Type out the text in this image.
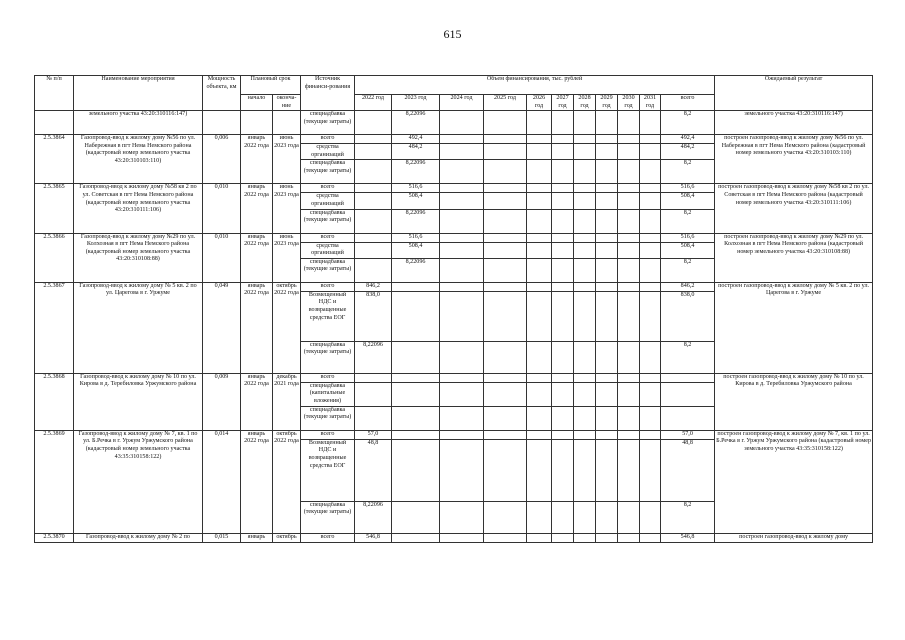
615
№ п/п	Наименование мероприятия	Мощность объекта, км	Плановый срок		Источник финанси-рования	Объем финансирования, тыс. рублей											Ожидаемый результат
			начало	оконча-ние		2022 год	2023 год	2024 год	2025 год	2026 год	2027 год	2028 год	2029 год	2030 год	2031 год	всего	

	земельного участка 43:20:310116:147)				спецнадбавка (текущие затраты)		8,22096									8,2	земельного участка 43:20:310116:147)
2.5.3864	Газопровод-ввод к жилому дому №56 по ул. Набережная в пгт Нема Немского района (кадастровый номер земельного участка 43:20:310103:110)	0,006	январь 2022 года	июнь 2023 года	всего		492,4									492,4	построен газопровод-ввод к жилому дому №56 по ул. Набережная в пгт Нема Немского района (кадастровый номер земельного участка 43:20:310103:110)
					средства организаций		484,2									484,2	
					спецнадбавка (текущие затраты)		8,22096									8,2	
2.5.3865	Газопровод-ввод к жилому дому №58 кв 2 по ул. Советская в пгт Нема Немского района (кадастровый номер земельного участка 43:20:310111:106)	0,010	январь 2022 года	июнь 2023 года	всего		516,6									516,6	построен газопровод-ввод к жилому дому №58 кв 2 по ул. Советская в пгт Нема Немского района (кадастровый номер земельного участка 43:20:310111:106)
					средства организаций		508,4									508,4	
					спецнадбавка (текущие затраты)		8,22096									8,2	
2.5.3866	Газопровод-ввод к жилому дому №29 по ул. Колхозная в пгт Нема Немского района (кадастровый номер земельного участка 43:20:310108:88)	0,010	январь 2022 года	июнь 2023 года	всего		516,6									516,6	построен газопровод-ввод к жилому дому №29 по ул. Колхозная в пгт Нема Немского района (кадастровый номер земельного участка 43:20:310108:88)
					средства организаций		508,4									508,4	
					спецнадбавка (текущие затраты)		8,22096									8,2	
2.5.3867	Газопровод-ввод к жилому дому № 5 кв. 2 по ул. Царегова в г. Уржуме	0,049	январь 2022 года	октябрь 2022 года	всего	846,2										846,2	построен газопровод-ввод к жилому дому № 5 кв. 2 по ул. Царегова в г. Уржуме
					Возмещенный НДС и возвращенные средства ЕОГ	838,0										838,0	
					спецнадбавка (текущие затраты)	8,22096										8,2	
2.5.3868	Газопровод-ввод к жилому дому № 10 по ул. Кирова в д. Теребиловка Уржумского района	0,009	январь 2022 года	декабрь 2021 года	всего												построен газопровод-ввод к жилому дому № 10 по ул. Кирова в д. Теребиловка Уржумского района
					спецнадбавка (капитальные вложения)												
					спецнадбавка (текущие затраты)												
2.5.3869	Газопровод-ввод к жилому дому № 7, кв. 1 по ул. Б.Речка в г. Уржум Уржумского района (кадастровый номер земельного участка 43:35:310158:122)	0,014	январь 2022 года	октябрь 2022 года	всего	57,0										57,0	построен газопровод-ввод к жилому дому № 7, кв. 1 по ул. Б.Речка в г. Уржум Уржумского района (кадастровый номер земельного участка 43:35:310158:122)
					Возмещенный НДС и возвращенные средства ЕОГ	48,8										48,8	
					спецнадбавка (текущие затраты)	8,22096										8,2	
2.5.3870	Газопровод-ввод к жилому дому № 2 по	0,015	январь	октябрь	всего	546,8										546,8	построен газопровод-ввод к жилому дому
